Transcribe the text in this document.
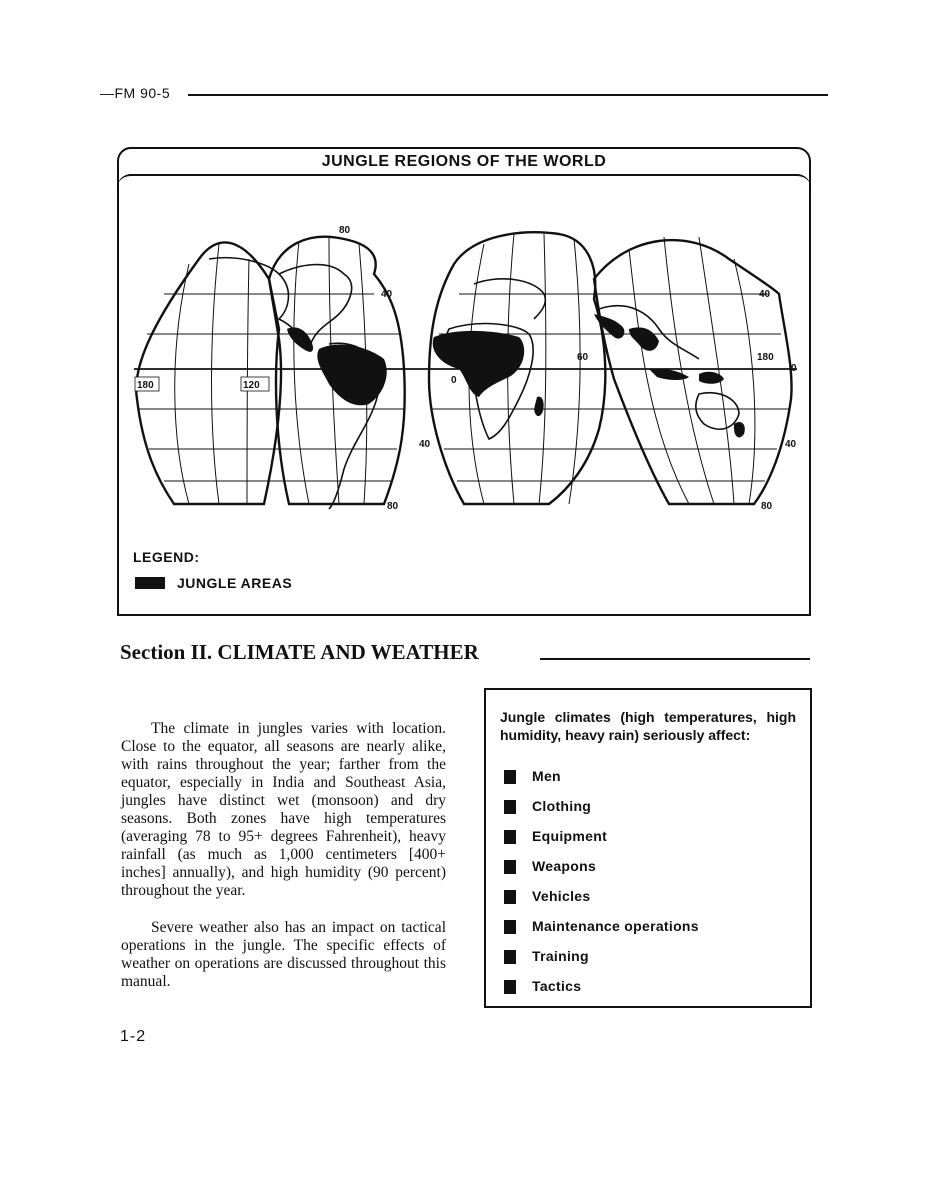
—FM 90-5
JUNGLE REGIONS OF THE WORLD
80
40	40
180	120	0
60	180
0
40	40
80	80
LEGEND:
JUNGLE AREAS
Section II. CLIMATE AND WEATHER

The climate in jungles varies with location. Close to the equator, all seasons are nearly alike, with rains throughout the year; farther from the equator, especially in India and Southeast Asia, jungles have distinct wet (monsoon) and dry seasons. Both zones have high temperatures (averaging 78 to 95+ degrees Fahrenheit), heavy rainfall (as much as 1,000 centimeters [400+ inches] annually), and high humidity (90 percent) throughout the year.

Severe weather also has an impact on tactical operations in the jungle. The specific effects of weather on operations are discussed throughout this manual.

Jungle climates (high temperatures, high humidity, heavy rain) seriously affect:
Men
Clothing
Equipment
Weapons
Vehicles
Maintenance operations
Training
Tactics
1-2
